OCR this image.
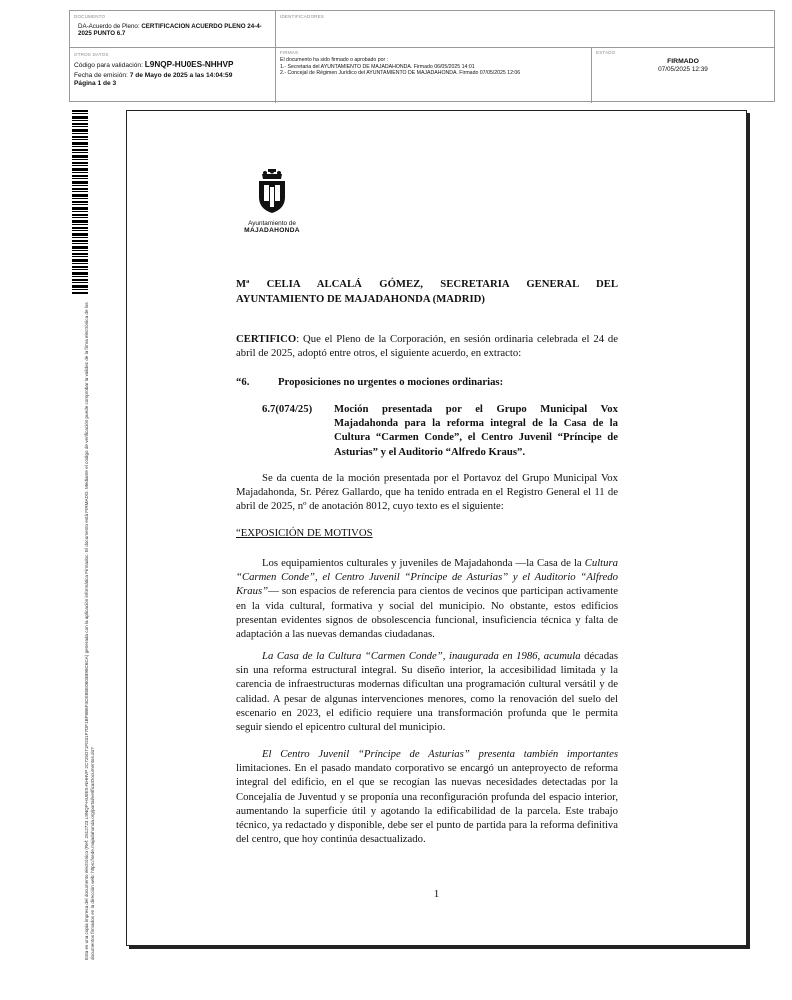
DOCUMENTO
DA-Acuerdo de Pleno: CERTIFICACION ACUERDO PLENO 24-4-2025 PUNTO 6.7
IDENTIFICADORES
OTROS DATOS
Código para validación: L9NQP-HU0ES-NHHVP
Fecha de emisión: 7 de Mayo de 2025 a las 14:04:59
Página 1 de 3
FIRMAS
El documento ha sido firmado o aprobado por :
1.- Secretaria del AYUNTAMIENTO DE MAJADAHONDA. Firmado 06/05/2025 14:01
2.- Concejal de Régimen Jurídico del AYUNTAMIENTO DE MAJADAHONDA. Firmado 07/05/2025 12:06
ESTADO
FIRMADO
07/05/2025 12:39
Esta es una copia impresa del documento electrónico (Ref: 2512723 L9NQP-HU0ES-NHHVP 2C725D71FD31F7DF1BF8B6F4CEB5E0803B98C6CA) generada con la aplicación informática Firmadoc. El documento está FIRMADO. Mediante el código de verificación puede comprobar la validez de la firma electrónica de los documentos firmados en la dirección web: https://sede.majadahonda.org/portal/verificarDocumentos.do?
Ayuntamiento de
MAJADAHONDA
Mª CELIA ALCALÁ GÓMEZ, SECRETARIA GENERAL DEL AYUNTAMIENTO DE MAJADAHONDA (MADRID)
CERTIFICO: Que el Pleno de la Corporación, en sesión ordinaria celebrada el 24 de abril de 2025, adoptó entre otros, el siguiente acuerdo, en extracto:
“6.	Proposiciones no urgentes o mociones ordinarias:
6.7(074/25)	Moción presentada por el Grupo Municipal Vox Majadahonda para la reforma integral de la Casa de la Cultura “Carmen Conde”, el Centro Juvenil “Príncipe de Asturias” y el Auditorio “Alfredo Kraus”.
Se da cuenta de la moción presentada por el Portavoz del Grupo Municipal Vox Majadahonda, Sr. Pérez Gallardo, que ha tenido entrada en el Registro General el 11 de abril de 2025, nº de anotación 8012, cuyo texto es el siguiente:
“EXPOSICIÓN DE MOTIVOS
Los equipamientos culturales y juveniles de Majadahonda —la Casa de la Cultura “Carmen Conde”, el Centro Juvenil “Príncipe de Asturias” y el Auditorio “Alfredo Kraus”— son espacios de referencia para cientos de vecinos que participan activamente en la vida cultural, formativa y social del municipio. No obstante, estos edificios presentan evidentes signos de obsolescencia funcional, insuficiencia técnica y falta de adaptación a las nuevas demandas ciudadanas.
La Casa de la Cultura “Carmen Conde”, inaugurada en 1986, acumula décadas sin una reforma estructural integral. Su diseño interior, la accesibilidad limitada y la carencia de infraestructuras modernas dificultan una programación cultural versátil y de calidad. A pesar de algunas intervenciones menores, como la renovación del suelo del escenario en 2023, el edificio requiere una transformación profunda que le permita seguir siendo el epicentro cultural del municipio.
El Centro Juvenil “Príncipe de Asturias” presenta también importantes limitaciones. En el pasado mandato corporativo se encargó un anteproyecto de reforma integral del edificio, en el que se recogían las nuevas necesidades detectadas por la Concejalía de Juventud y se proponía una reconfiguración profunda del espacio interior, aumentando la superficie útil y agotando la edificabilidad de la parcela. Este trabajo técnico, ya redactado y disponible, debe ser el punto de partida para la reforma definitiva del centro, que hoy continúa desactualizado.
1
